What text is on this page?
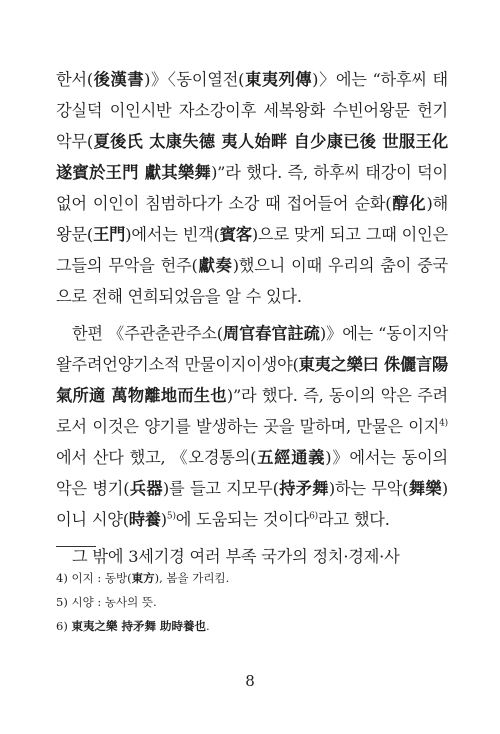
한서(後漢書)》〈동이열전(東夷列傳)〉에는 “하후씨 태강실덕 이인시반 자소강이후 세복왕화 수빈어왕문 헌기악무(夏後氏 太康失德 夷人始畔 自少康已後 世服王化 遂賓於王門 獻其樂舞)”라 했다. 즉, 하후씨 태강이 덕이 없어 이인이 침범하다가 소강 때 접어들어 순화(醇化)해 왕문(王門)에서는 빈객(賓客)으로 맞게 되고 그때 이인은 그들의 무악을 헌주(獻奏)했으니 이때 우리의 춤이 중국으로 전해 연희되었음을 알 수 있다.

한편 《주관춘관주소(周官春官註疏)》에는 “동이지악왈주려언양기소적 만물이지이생야(東夷之樂曰 侏儷言陽氣所適 萬物離地而生也)”라 했다. 즉, 동이의 악은 주려로서 이것은 양기를 발생하는 곳을 말하며, 만물은 이지$^{4)}$에서 산다 했고, 《오경통의(五經通義)》에서는 동이의 악은 병기(兵器)를 들고 지모무(持矛舞)하는 무악(舞樂)이니 시양(時養)$^{5)}$에 도움되는 것이다$^{6)}$라고 했다.

그 밖에 3세기경 여러 부족 국가의 정치·경제·사

4) 이지 : 동방(東方), 봄을 가리킴.
5) 시양 : 농사의 뜻.
6) 東夷之樂 持矛舞 助時養也.
8
